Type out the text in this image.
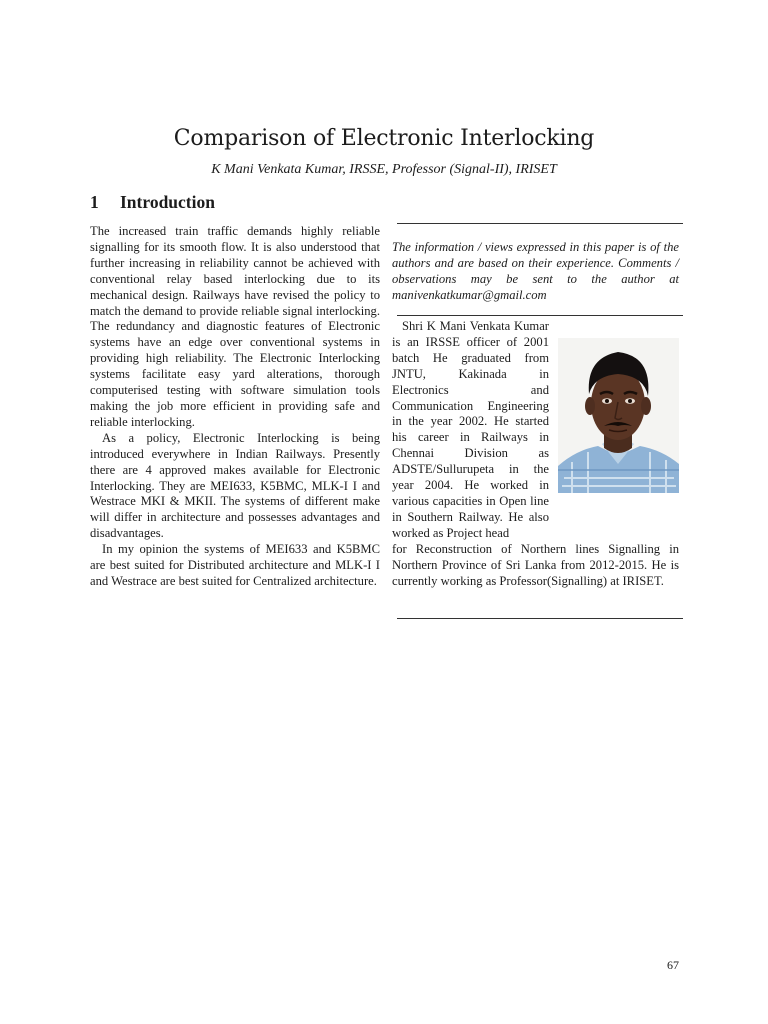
Comparison of Electronic Interlocking
K Mani Venkata Kumar, IRSSE, Professor (Signal-II), IRISET
1 Introduction

The increased train traffic demands highly reliable signalling for its smooth flow. It is also understood that further increasing in reliability cannot be achieved with conventional relay based interlocking due to its mechanical design. Railways have revised the policy to match the demand to provide reliable signal interlocking. The redundancy and diagnostic features of Electronic systems have an edge over conventional systems in providing high reliability. The Electronic Interlocking systems facilitate easy yard alterations, thorough computerised testing with software simulation tools making the job more efficient in providing safe and reliable interlocking.

As a policy, Electronic Interlocking is being introduced everywhere in Indian Railways. Presently there are 4 approved makes available for Electronic Interlocking. They are MEI633, K5BMC, MLK-I I and Westrace MKI & MKII. The systems of different make will differ in architecture and possesses advantages and disadvantages.

In my opinion the systems of MEI633 and K5BMC are best suited for Distributed architecture and MLK-I I and Westrace are best suited for Centralized architecture.

The information / views expressed in this paper is of the authors and are based on their experience. Comments / observations may be sent to the author at manivenkatkumar@gmail.com
Shri K Mani Venkata Kumar is an IRSSE officer of 2001 batch He graduated from JNTU, Kakinada in Electronics and Communication Engineering in the year 2002. He started his career in Railways in Chennai Division as ADSTE/Sullurupeta in the year 2004. He worked in various capacities in Open line in Southern Railway. He also worked as Project head
for Reconstruction of Northern lines Signalling in Northern Province of Sri Lanka from 2012-2015. He is currently working as Professor(Signalling) at IRISET.
67
